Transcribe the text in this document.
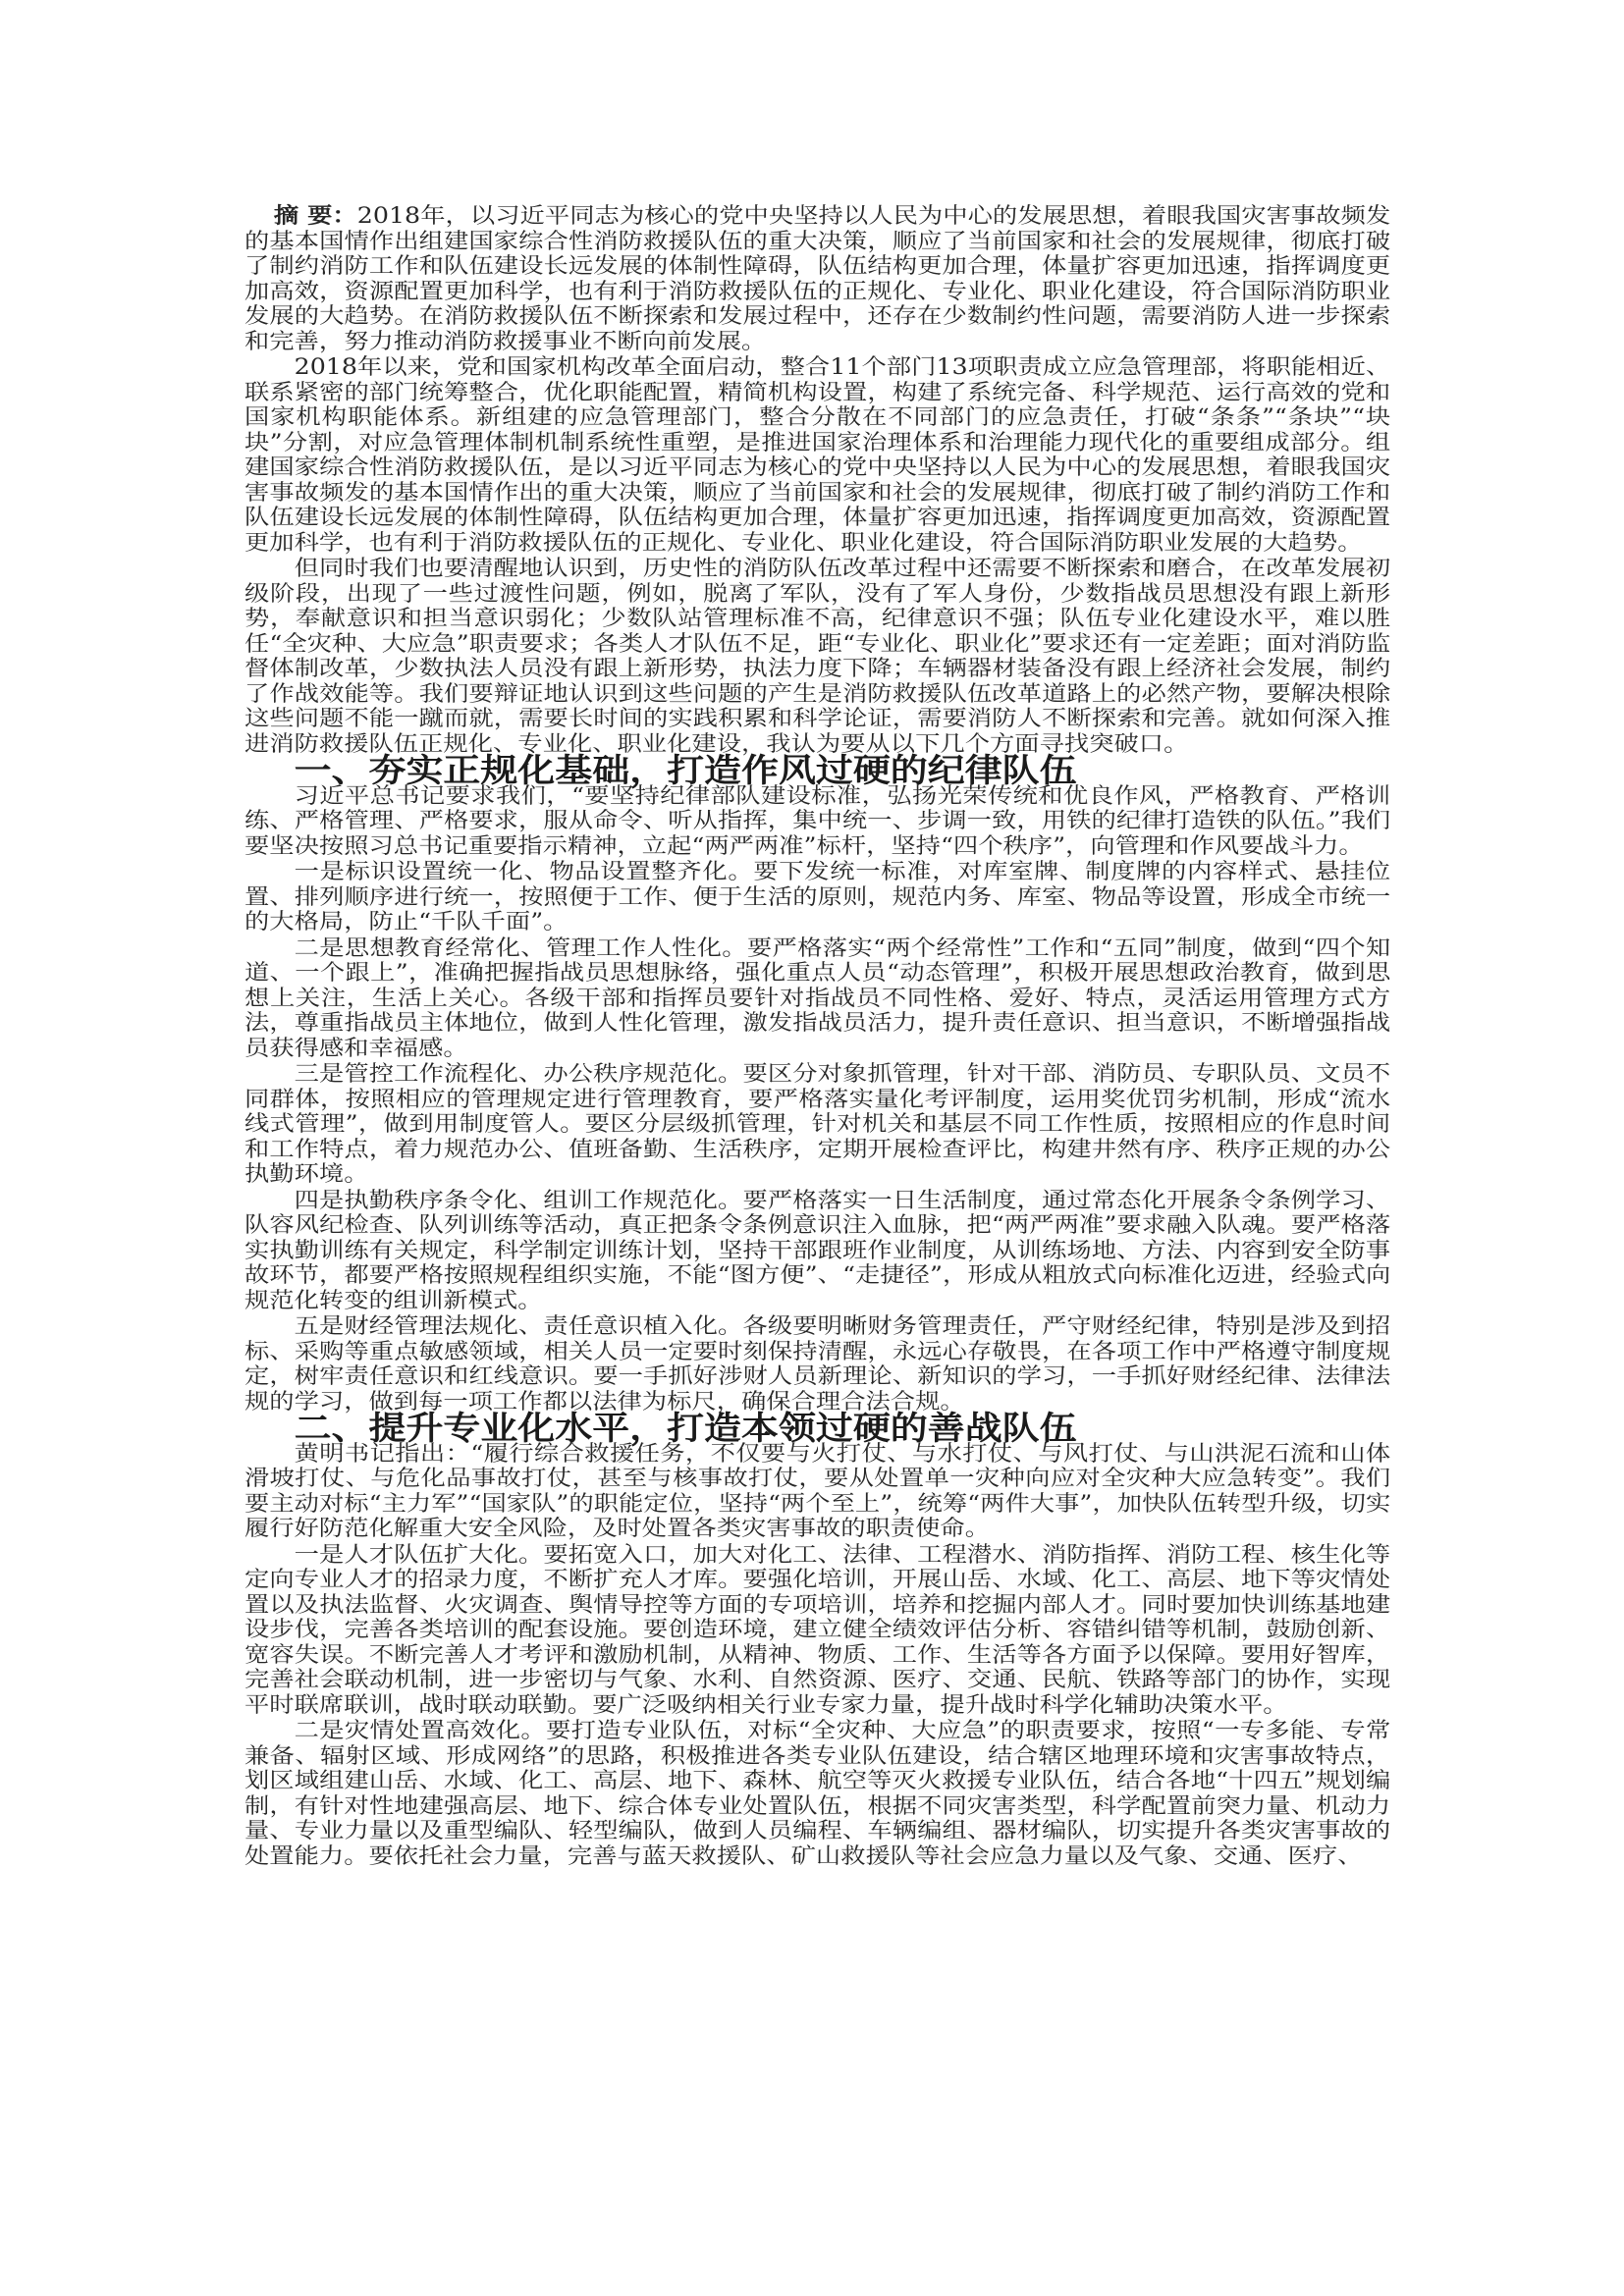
摘 要：2018年，以习近平同志为核心的党中央坚持以人民为中心的发展思想，着眼我国灾害事故频发的基本国情作出组建国家综合性消防救援队伍的重大决策，顺应了当前国家和社会的发展规律，彻底打破了制约消防工作和队伍建设长远发展的体制性障碍，队伍结构更加合理，体量扩容更加迅速，指挥调度更加高效，资源配置更加科学，也有利于消防救援队伍的正规化、专业化、职业化建设，符合国际消防职业发展的大趋势。在消防救援队伍不断探索和发展过程中，还存在少数制约性问题，需要消防人进一步探索和完善，努力推动消防救援事业不断向前发展。

2018年以来，党和国家机构改革全面启动，整合11个部门13项职责成立应急管理部，将职能相近、联系紧密的部门统筹整合，优化职能配置，精简机构设置，构建了系统完备、科学规范、运行高效的党和国家机构职能体系。新组建的应急管理部门，整合分散在不同部门的应急责任，打破“条条”“条块”“块块”分割，对应急管理体制机制系统性重塑，是推进国家治理体系和治理能力现代化的重要组成部分。组建国家综合性消防救援队伍，是以习近平同志为核心的党中央坚持以人民为中心的发展思想，着眼我国灾害事故频发的基本国情作出的重大决策，顺应了当前国家和社会的发展规律，彻底打破了制约消防工作和队伍建设长远发展的体制性障碍，队伍结构更加合理，体量扩容更加迅速，指挥调度更加高效，资源配置更加科学，也有利于消防救援队伍的正规化、专业化、职业化建设，符合国际消防职业发展的大趋势。

但同时我们也要清醒地认识到，历史性的消防队伍改革过程中还需要不断探索和磨合，在改革发展初级阶段，出现了一些过渡性问题，例如，脱离了军队，没有了军人身份，少数指战员思想没有跟上新形势，奉献意识和担当意识弱化；少数队站管理标准不高，纪律意识不强；队伍专业化建设水平，难以胜任“全灾种、大应急”职责要求；各类人才队伍不足，距“专业化、职业化”要求还有一定差距；面对消防监督体制改革，少数执法人员没有跟上新形势，执法力度下降；车辆器材装备没有跟上经济社会发展，制约了作战效能等。我们要辩证地认识到这些问题的产生是消防救援队伍改革道路上的必然产物，要解决根除这些问题不能一蹴而就，需要长时间的实践积累和科学论证，需要消防人不断探索和完善。就如何深入推进消防救援队伍正规化、专业化、职业化建设，我认为要从以下几个方面寻找突破口。

一、夯实正规化基础，打造作风过硬的纪律队伍

习近平总书记要求我们，“要坚持纪律部队建设标准，弘扬光荣传统和优良作风，严格教育、严格训练、严格管理、严格要求，服从命令、听从指挥，集中统一、步调一致，用铁的纪律打造铁的队伍。”我们要坚决按照习总书记重要指示精神，立起“两严两准”标杆，坚持“四个秩序”，向管理和作风要战斗力。

一是标识设置统一化、物品设置整齐化。要下发统一标准，对库室牌、制度牌的内容样式、悬挂位置、排列顺序进行统一，按照便于工作、便于生活的原则，规范内务、库室、物品等设置，形成全市统一的大格局，防止“千队千面”。

二是思想教育经常化、管理工作人性化。要严格落实“两个经常性”工作和“五同”制度，做到“四个知道、一个跟上”，准确把握指战员思想脉络，强化重点人员“动态管理”，积极开展思想政治教育，做到思想上关注，生活上关心。各级干部和指挥员要针对指战员不同性格、爱好、特点，灵活运用管理方式方法，尊重指战员主体地位，做到人性化管理，激发指战员活力，提升责任意识、担当意识，不断增强指战员获得感和幸福感。

三是管控工作流程化、办公秩序规范化。要区分对象抓管理，针对干部、消防员、专职队员、文员不同群体，按照相应的管理规定进行管理教育，要严格落实量化考评制度，运用奖优罚劣机制，形成“流水线式管理”，做到用制度管人。要区分层级抓管理，针对机关和基层不同工作性质，按照相应的作息时间和工作特点，着力规范办公、值班备勤、生活秩序，定期开展检查评比，构建井然有序、秩序正规的办公执勤环境。

四是执勤秩序条令化、组训工作规范化。要严格落实一日生活制度，通过常态化开展条令条例学习、队容风纪检查、队列训练等活动，真正把条令条例意识注入血脉，把“两严两准”要求融入队魂。要严格落实执勤训练有关规定，科学制定训练计划，坚持干部跟班作业制度，从训练场地、方法、内容到安全防事故环节，都要严格按照规程组织实施，不能“图方便”、“走捷径”，形成从粗放式向标准化迈进，经验式向规范化转变的组训新模式。

五是财经管理法规化、责任意识植入化。各级要明晰财务管理责任，严守财经纪律，特别是涉及到招标、采购等重点敏感领域，相关人员一定要时刻保持清醒，永远心存敬畏，在各项工作中严格遵守制度规定，树牢责任意识和红线意识。要一手抓好涉财人员新理论、新知识的学习，一手抓好财经纪律、法律法规的学习，做到每一项工作都以法律为标尺，确保合理合法合规。

二、提升专业化水平，打造本领过硬的善战队伍

黄明书记指出：“履行综合救援任务，不仅要与火打仗、与水打仗、与风打仗、与山洪泥石流和山体滑坡打仗、与危化品事故打仗，甚至与核事故打仗，要从处置单一灾种向应对全灾种大应急转变”。我们要主动对标“主力军”“国家队”的职能定位，坚持“两个至上”，统筹“两件大事”，加快队伍转型升级，切实履行好防范化解重大安全风险，及时处置各类灾害事故的职责使命。

一是人才队伍扩大化。要拓宽入口，加大对化工、法律、工程潜水、消防指挥、消防工程、核生化等定向专业人才的招录力度，不断扩充人才库。要强化培训，开展山岳、水域、化工、高层、地下等灾情处置以及执法监督、火灾调查、舆情导控等方面的专项培训，培养和挖掘内部人才。同时要加快训练基地建设步伐，完善各类培训的配套设施。要创造环境，建立健全绩效评估分析、容错纠错等机制，鼓励创新、宽容失误。不断完善人才考评和激励机制，从精神、物质、工作、生活等各方面予以保障。要用好智库，完善社会联动机制，进一步密切与气象、水利、自然资源、医疗、交通、民航、铁路等部门的协作，实现平时联席联训，战时联动联勤。要广泛吸纳相关行业专家力量，提升战时科学化辅助决策水平。

二是灾情处置高效化。要打造专业队伍，对标“全灾种、大应急”的职责要求，按照“一专多能、专常兼备、辐射区域、形成网络”的思路，积极推进各类专业队伍建设，结合辖区地理环境和灾害事故特点，划区域组建山岳、水域、化工、高层、地下、森林、航空等灭火救援专业队伍，结合各地“十四五”规划编制，有针对性地建强高层、地下、综合体专业处置队伍，根据不同灾害类型，科学配置前突力量、机动力量、专业力量以及重型编队、轻型编队，做到人员编程、车辆编组、器材编队，切实提升各类灾害事故的处置能力。要依托社会力量，完善与蓝天救援队、矿山救援队等社会应急力量以及气象、交通、医疗、
